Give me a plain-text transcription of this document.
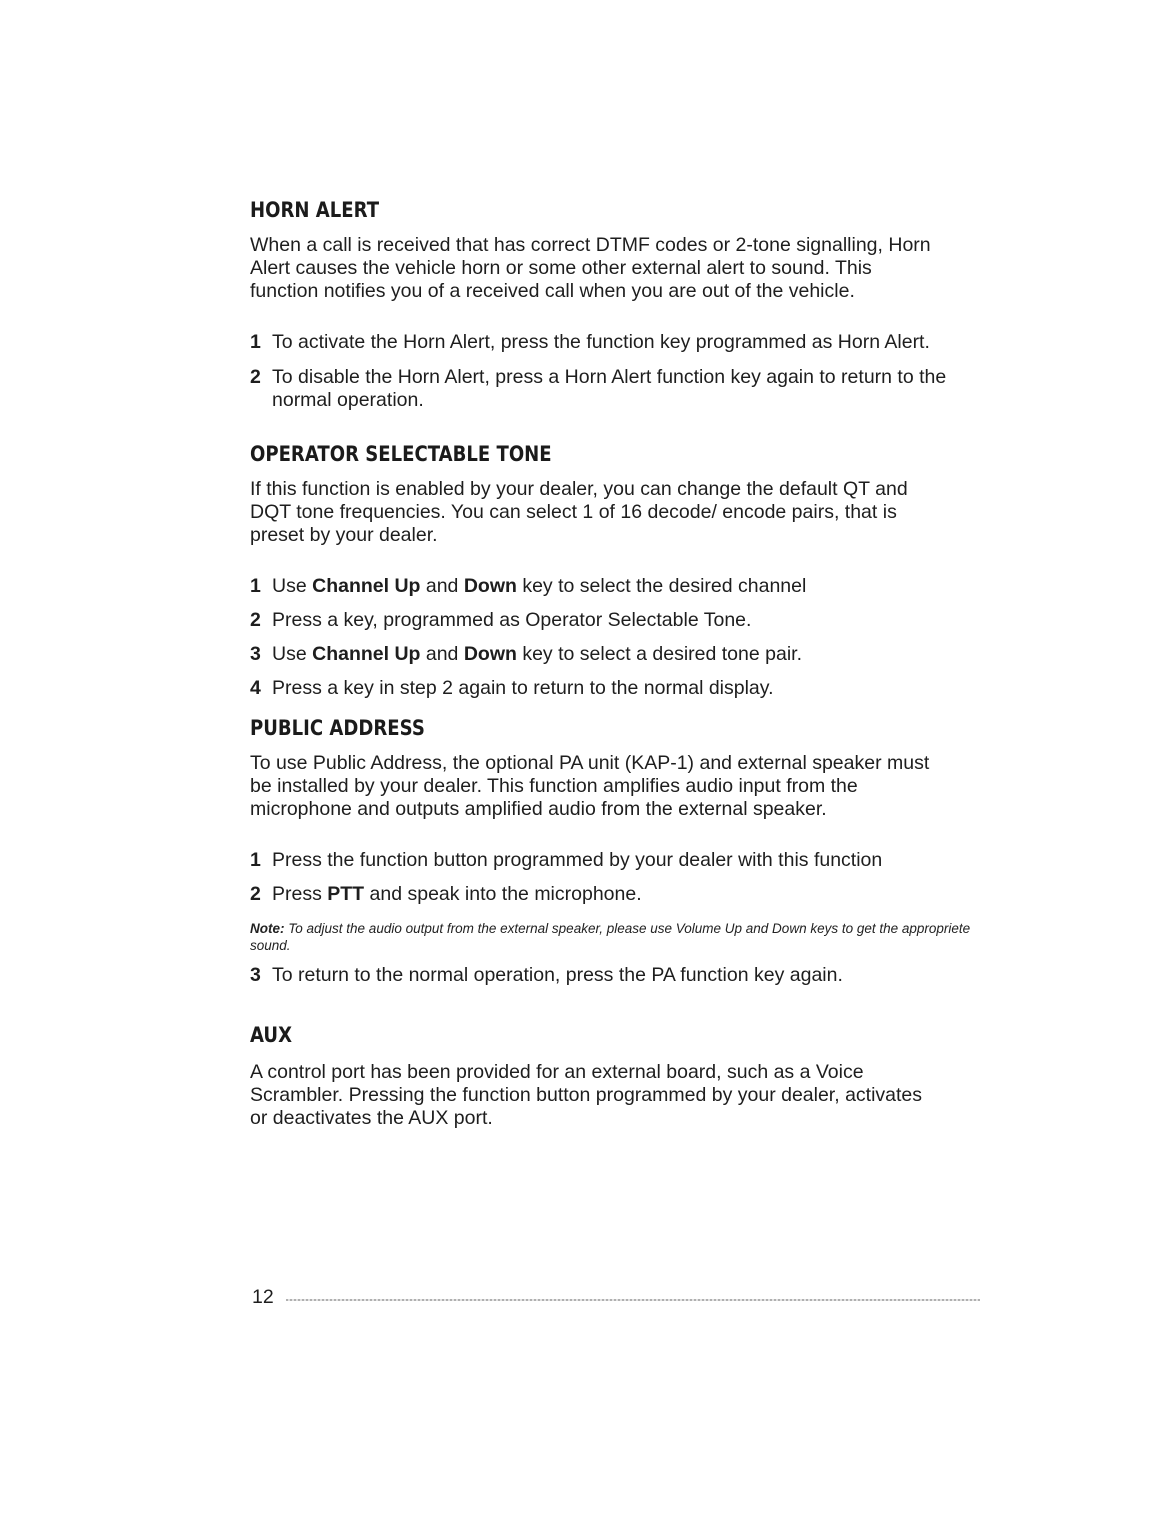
HORN ALERT

When a call is received that has correct DTMF codes or 2-tone signalling, Horn
Alert causes the vehicle horn or some other external alert to sound. This
function notifies you of a received call when you are out of the vehicle.

1 To activate the Horn Alert, press the function key programmed as Horn Alert.
2 To disable the Horn Alert, press a Horn Alert function key again to return to the normal operation.
OPERATOR SELECTABLE TONE

If this function is enabled by your dealer, you can change the default QT and
DQT tone frequencies. You can select 1 of 16 decode/ encode pairs, that is
preset by your dealer.

1 Use Channel Up and Down key to select the desired channel
2 Press a key, programmed as Operator Selectable Tone.
3 Use Channel Up and Down key to select a desired tone pair.
4 Press a key in step 2 again to return to the normal display.
PUBLIC ADDRESS

To use Public Address, the optional PA unit (KAP-1) and external speaker must
be installed by your dealer. This function amplifies audio input from the
microphone and outputs amplified audio from the external speaker.

1 Press the function button programmed by your dealer with this function
2 Press PTT and speak into the microphone.

Note: To adjust the audio output from the external speaker, please use Volume Up and Down keys to get the appropriete sound.

3 To return to the normal operation, press the PA function key again.
AUX

A control port has been provided for an external board, such as a Voice
Scrambler. Pressing the function button programmed by your dealer, activates
or deactivates the AUX port.

12
